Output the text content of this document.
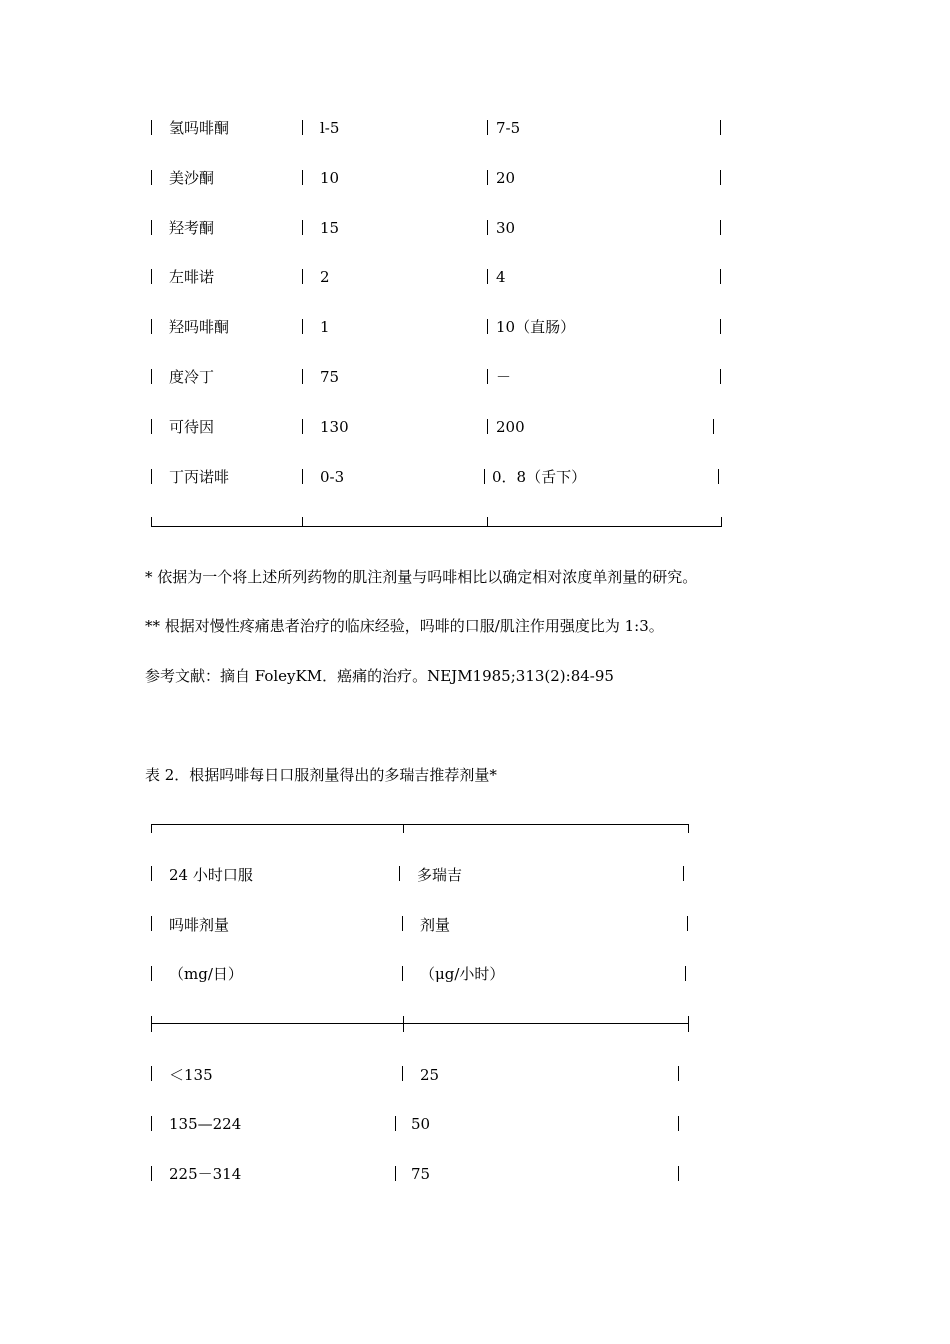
氢吗啡酮	l-5	7-5
美沙酮	10	20
羟考酮	15	30
左啡诺	2	4
羟吗啡酮	1	10（直肠）
度冷丁	75	－
可待因	130	200
丁丙诺啡	0-3	0．8（舌下）
* 依据为一个将上述所列药物的肌注剂量与吗啡相比以确定相对浓度单剂量的研究。
** 根据对慢性疼痛患者治疗的临床经验，吗啡的口服/肌注作用强度比为 1:3。
参考文献：摘自 FoleyKM．癌痛的治疗。NEJM1985;313(2):84-95
表 2．根据吗啡每日口服剂量得出的多瑞吉推荐剂量*
24 小时口服	多瑞吉
吗啡剂量	剂量
（mg/日）	（μg/小时）
＜135	25
135—224	50
225－314	75
